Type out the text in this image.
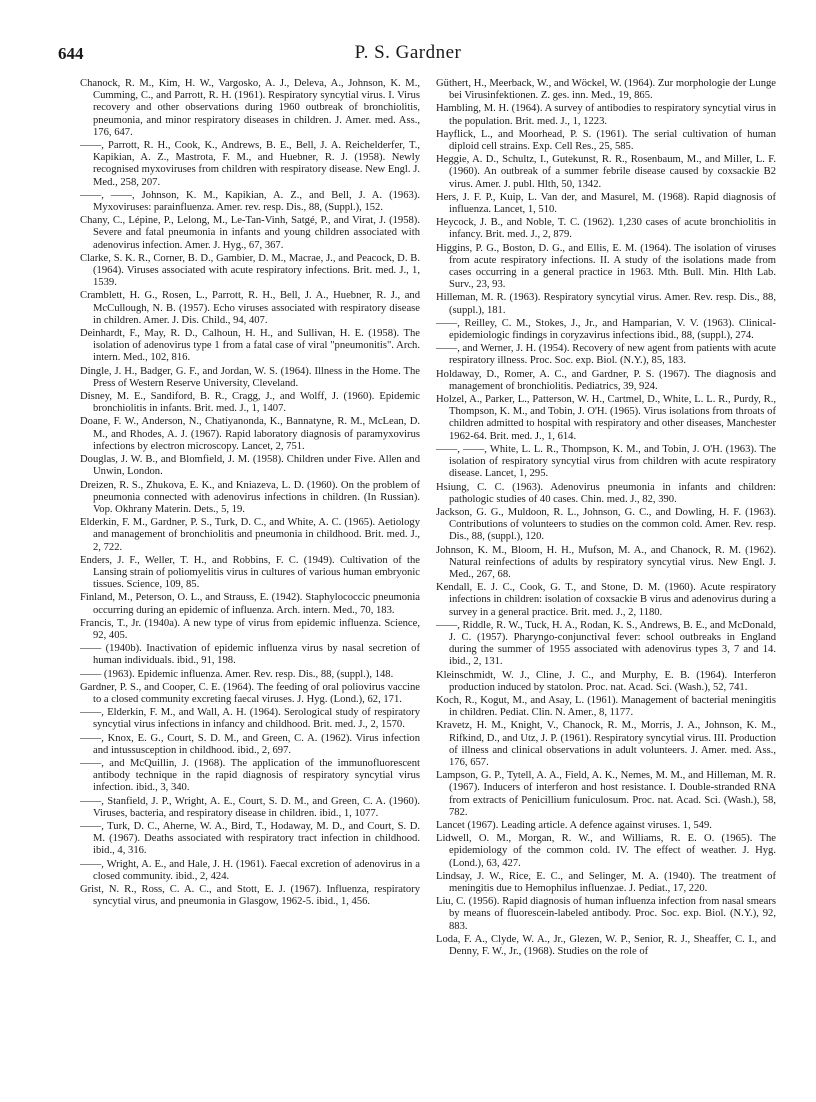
644	P. S. Gardner

Chanock, R. M., Kim, H. W., Vargosko, A. J., Deleva, A., Johnson, K. M., Cumming, C., and Parrott, R. H. (1961). Respiratory syncytial virus. I. Virus recovery and other observations during 1960 outbreak of bronchiolitis, pneumonia, and minor respiratory diseases in children. J. Amer. med. Ass., 176, 647.

——, Parrott, R. H., Cook, K., Andrews, B. E., Bell, J. A. Reichelderfer, T., Kapikian, A. Z., Mastrota, F. M., and Huebner, R. J. (1958). Newly recognised myxoviruses from children with respiratory disease. New Engl. J. Med., 258, 207.

——, ——, Johnson, K. M., Kapikian, A. Z., and Bell, J. A. (1963). Myxoviruses: parainfluenza. Amer. rev. resp. Dis., 88, (Suppl.), 152.

Chany, C., Lépine, P., Lelong, M., Le-Tan-Vinh, Satgé, P., and Virat, J. (1958). Severe and fatal pneumonia in infants and young children associated with adenovirus infection. Amer. J. Hyg., 67, 367.

Clarke, S. K. R., Corner, B. D., Gambier, D. M., Macrae, J., and Peacock, D. B. (1964). Viruses associated with acute respiratory infections. Brit. med. J., 1, 1539.

Cramblett, H. G., Rosen, L., Parrott, R. H., Bell, J. A., Huebner, R. J., and McCullough, N. B. (1957). Echo viruses associated with respiratory disease in children. Amer. J. Dis. Child., 94, 407.

Deinhardt, F., May, R. D., Calhoun, H. H., and Sullivan, H. E. (1958). The isolation of adenovirus type 1 from a fatal case of viral "pneumonitis". Arch. intern. Med., 102, 816.

Dingle, J. H., Badger, G. F., and Jordan, W. S. (1964). Illness in the Home. The Press of Western Reserve University, Cleveland.

Disney, M. E., Sandiford, B. R., Cragg, J., and Wolff, J. (1960). Epidemic bronchiolitis in infants. Brit. med. J., 1, 1407.

Doane, F. W., Anderson, N., Chatiyanonda, K., Bannatyne, R. M., McLean, D. M., and Rhodes, A. J. (1967). Rapid laboratory diagnosis of paramyxovirus infections by electron microscopy. Lancet, 2, 751.

Douglas, J. W. B., and Blomfield, J. M. (1958). Children under Five. Allen and Unwin, London.

Dreizen, R. S., Zhukova, E. K., and Kniazeva, L. D. (1960). On the problem of pneumonia connected with adenovirus infections in children. (In Russian). Vop. Okhrany Materin. Dets., 5, 19.

Elderkin, F. M., Gardner, P. S., Turk, D. C., and White, A. C. (1965). Aetiology and management of bronchiolitis and pneumonia in childhood. Brit. med. J., 2, 722.

Enders, J. F., Weller, T. H., and Robbins, F. C. (1949). Cultivation of the Lansing strain of poliomyelitis virus in cultures of various human embryonic tissues. Science, 109, 85.

Finland, M., Peterson, O. L., and Strauss, E. (1942). Staphylococcic pneumonia occurring during an epidemic of influenza. Arch. intern. Med., 70, 183.

Francis, T., Jr. (1940a). A new type of virus from epidemic influenza. Science, 92, 405.

—— (1940b). Inactivation of epidemic influenza virus by nasal secretion of human individuals. ibid., 91, 198.

—— (1963). Epidemic influenza. Amer. Rev. resp. Dis., 88, (suppl.), 148.

Gardner, P. S., and Cooper, C. E. (1964). The feeding of oral poliovirus vaccine to a closed community excreting faecal viruses. J. Hyg. (Lond.), 62, 171.

——, Elderkin, F. M., and Wall, A. H. (1964). Serological study of respiratory syncytial virus infections in infancy and childhood. Brit. med. J., 2, 1570.

——, Knox, E. G., Court, S. D. M., and Green, C. A. (1962). Virus infection and intussusception in childhood. ibid., 2, 697.

——, and McQuillin, J. (1968). The application of the immunofluorescent antibody technique in the rapid diagnosis of respiratory syncytial virus infection. ibid., 3, 340.

——, Stanfield, J. P., Wright, A. E., Court, S. D. M., and Green, C. A. (1960). Viruses, bacteria, and respiratory disease in children. ibid., 1, 1077.

——, Turk, D. C., Aherne, W. A., Bird, T., Hodaway, M. D., and Court, S. D. M. (1967). Deaths associated with respiratory tract infection in childhood. ibid., 4, 316.

——, Wright, A. E., and Hale, J. H. (1961). Faecal excretion of adenovirus in a closed community. ibid., 2, 424.

Grist, N. R., Ross, C. A. C., and Stott, E. J. (1967). Influenza, respiratory syncytial virus, and pneumonia in Glasgow, 1962-5. ibid., 1, 456.

Güthert, H., Meerback, W., and Wöckel, W. (1964). Zur morphologie der Lunge bei Virusinfektionen. Z. ges. inn. Med., 19, 865.

Hambling, M. H. (1964). A survey of antibodies to respiratory syncytial virus in the population. Brit. med. J., 1, 1223.

Hayflick, L., and Moorhead, P. S. (1961). The serial cultivation of human diploid cell strains. Exp. Cell Res., 25, 585.

Heggie, A. D., Schultz, I., Gutekunst, R. R., Rosenbaum, M., and Miller, L. F. (1960). An outbreak of a summer febrile disease caused by coxsackie B2 virus. Amer. J. publ. Hlth, 50, 1342.

Hers, J. F. P., Kuip, L. Van der, and Masurel, M. (1968). Rapid diagnosis of influenza. Lancet, 1, 510.

Heycock, J. B., and Noble, T. C. (1962). 1,230 cases of acute bronchiolitis in infancy. Brit. med. J., 2, 879.

Higgins, P. G., Boston, D. G., and Ellis, E. M. (1964). The isolation of viruses from acute respiratory infections. II. A study of the isolations made from cases occurring in a general practice in 1963. Mth. Bull. Min. Hlth Lab. Surv., 23, 93.

Hilleman, M. R. (1963). Respiratory syncytial virus. Amer. Rev. resp. Dis., 88, (suppl.), 181.

——, Reilley, C. M., Stokes, J., Jr., and Hamparian, V. V. (1963). Clinical-epidemiologic findings in coryzavirus infections ibid., 88, (suppl.), 274.

——, and Werner, J. H. (1954). Recovery of new agent from patients with acute respiratory illness. Proc. Soc. exp. Biol. (N.Y.), 85, 183.

Holdaway, D., Romer, A. C., and Gardner, P. S. (1967). The diagnosis and management of bronchiolitis. Pediatrics, 39, 924.

Holzel, A., Parker, L., Patterson, W. H., Cartmel, D., White, L. L. R., Purdy, R., Thompson, K. M., and Tobin, J. O'H. (1965). Virus isolations from throats of children admitted to hospital with respiratory and other diseases, Manchester 1962-64. Brit. med. J., 1, 614.

——, ——, White, L. L. R., Thompson, K. M., and Tobin, J. O'H. (1963). The isolation of respiratory syncytial virus from children with acute respiratory disease. Lancet, 1, 295.

Hsiung, C. C. (1963). Adenovirus pneumonia in infants and children: pathologic studies of 40 cases. Chin. med. J., 82, 390.

Jackson, G. G., Muldoon, R. L., Johnson, G. C., and Dowling, H. F. (1963). Contributions of volunteers to studies on the common cold. Amer. Rev. resp. Dis., 88, (suppl.), 120.

Johnson, K. M., Bloom, H. H., Mufson, M. A., and Chanock, R. M. (1962). Natural reinfections of adults by respiratory syncytial virus. New Engl. J. Med., 267, 68.

Kendall, E. J. C., Cook, G. T., and Stone, D. M. (1960). Acute respiratory infections in children: isolation of coxsackie B virus and adenovirus during a survey in a general practice. Brit. med. J., 2, 1180.

——, Riddle, R. W., Tuck, H. A., Rodan, K. S., Andrews, B. E., and McDonald, J. C. (1957). Pharyngo-conjunctival fever: school outbreaks in England during the summer of 1955 associated with adenovirus types 3, 7 and 14. ibid., 2, 131.

Kleinschmidt, W. J., Cline, J. C., and Murphy, E. B. (1964). Interferon production induced by statolon. Proc. nat. Acad. Sci. (Wash.), 52, 741.

Koch, R., Kogut, M., and Asay, L. (1961). Management of bacterial meningitis in children. Pediat. Clin. N. Amer., 8, 1177.

Kravetz, H. M., Knight, V., Chanock, R. M., Morris, J. A., Johnson, K. M., Rifkind, D., and Utz, J. P. (1961). Respiratory syncytial virus. III. Production of illness and clinical observations in adult volunteers. J. Amer. med. Ass., 176, 657.

Lampson, G. P., Tytell, A. A., Field, A. K., Nemes, M. M., and Hilleman, M. R. (1967). Inducers of interferon and host resistance. I. Double-stranded RNA from extracts of Penicillium funiculosum. Proc. nat. Acad. Sci. (Wash.), 58, 782.

Lancet (1967). Leading article. A defence against viruses. 1, 549.

Lidwell, O. M., Morgan, R. W., and Williams, R. E. O. (1965). The epidemiology of the common cold. IV. The effect of weather. J. Hyg. (Lond.), 63, 427.

Lindsay, J. W., Rice, E. C., and Selinger, M. A. (1940). The treatment of meningitis due to Hemophilus influenzae. J. Pediat., 17, 220.

Liu, C. (1956). Rapid diagnosis of human influenza infection from nasal smears by means of fluorescein-labeled antibody. Proc. Soc. exp. Biol. (N.Y.), 92, 883.

Loda, F. A., Clyde, W. A., Jr., Glezen, W. P., Senior, R. J., Sheaffer, C. I., and Denny, F. W., Jr., (1968). Studies on the role of
